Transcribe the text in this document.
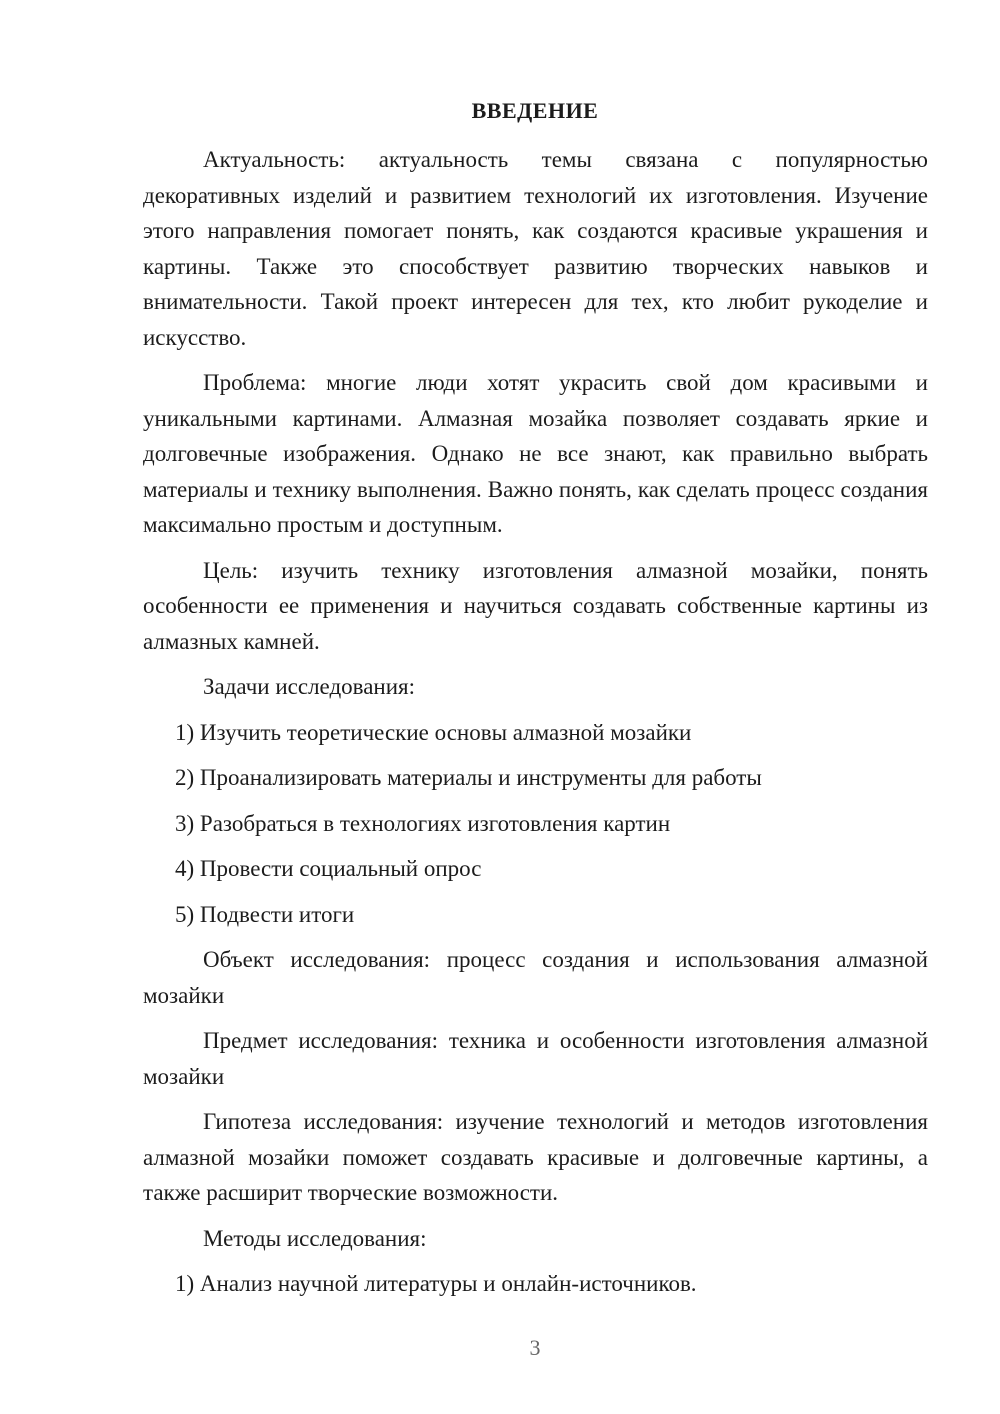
ВВЕДЕНИЕ

Актуальность: актуальность темы связана с популярностью декоративных изделий и развитием технологий их изготовления. Изучение этого направления помогает понять, как создаются красивые украшения и картины. Также это способствует развитию творческих навыков и внимательности. Такой проект интересен для тех, кто любит рукоделие и искусство.

Проблема: многие люди хотят украсить свой дом красивыми и уникальными картинами. Алмазная мозайка позволяет создавать яркие и долговечные изображения. Однако не все знают, как правильно выбрать материалы и технику выполнения. Важно понять, как сделать процесс создания максимально простым и доступным.

Цель: изучить технику изготовления алмазной мозайки, понять особенности ее применения и научиться создавать собственные картины из алмазных камней.

Задачи исследования:

1) Изучить теоретические основы алмазной мозайки
2) Проанализировать материалы и инструменты для работы
3) Разобраться в технологиях изготовления картин
4) Провести социальный опрос
5) Подвести итоги

Объект исследования: процесс создания и использования алмазной мозайки

Предмет исследования: техника и особенности изготовления алмазной мозайки

Гипотеза исследования: изучение технологий и методов изготовления алмазной мозайки поможет создавать красивые и долговечные картины, а также расширит творческие возможности.

Методы исследования:

1) Анализ научной литературы и онлайн-источников.
3
